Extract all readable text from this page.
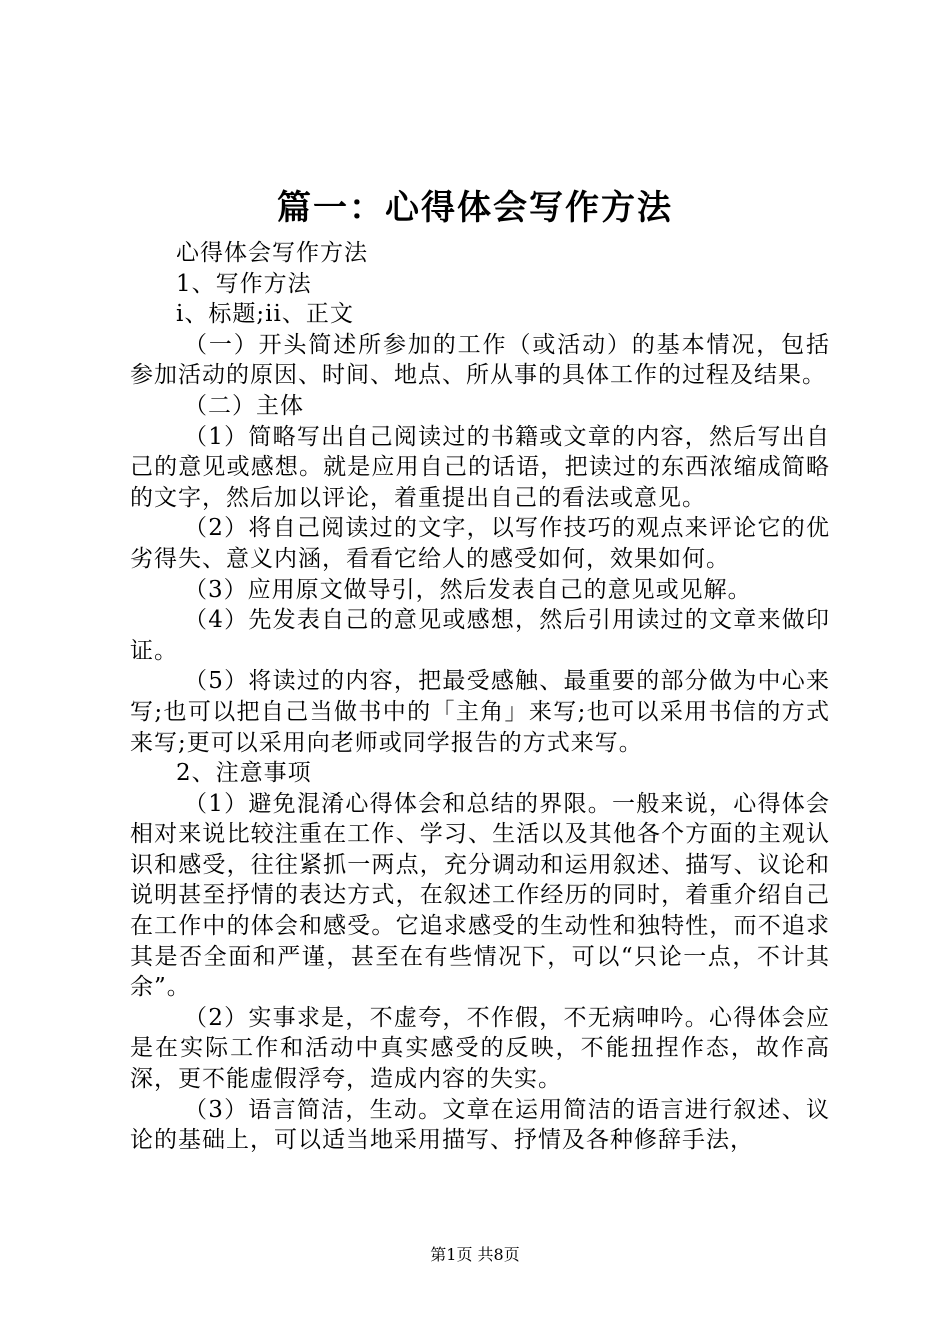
篇一：心得体会写作方法

心得体会写作方法

1、写作方法

i、标题;ii、正文

（一）开头简述所参加的工作（或活动）的基本情况，包括参加活动的原因、时间、地点、所从事的具体工作的过程及结果。

（二）主体

（1）简略写出自己阅读过的书籍或文章的内容，然后写出自己的意见或感想。就是应用自己的话语，把读过的东西浓缩成简略的文字，然后加以评论，着重提出自己的看法或意见。

（2）将自己阅读过的文字，以写作技巧的观点来评论它的优劣得失、意义内涵，看看它给人的感受如何，效果如何。

（3）应用原文做导引，然后发表自己的意见或见解。

（4）先发表自己的意见或感想，然后引用读过的文章来做印证。

（5）将读过的内容，把最受感触、最重要的部分做为中心来写;也可以把自己当做书中的「主角」来写;也可以采用书信的方式来写;更可以采用向老师或同学报告的方式来写。

2、注意事项

（1）避免混淆心得体会和总结的界限。一般来说，心得体会相对来说比较注重在工作、学习、生活以及其他各个方面的主观认识和感受，往往紧抓一两点，充分调动和运用叙述、描写、议论和说明甚至抒情的表达方式，在叙述工作经历的同时，着重介绍自己在工作中的体会和感受。它追求感受的生动性和独特性，而不追求其是否全面和严谨，甚至在有些情况下，可以“只论一点，不计其余”。

（2）实事求是，不虚夸，不作假，不无病呻吟。心得体会应是在实际工作和活动中真实感受的反映，不能扭捏作态，故作高深，更不能虚假浮夸，造成内容的失实。

（3）语言简洁，生动。文章在运用简洁的语言进行叙述、议论的基础上，可以适当地采用描写、抒情及各种修辞手法，

第1页 共8页
